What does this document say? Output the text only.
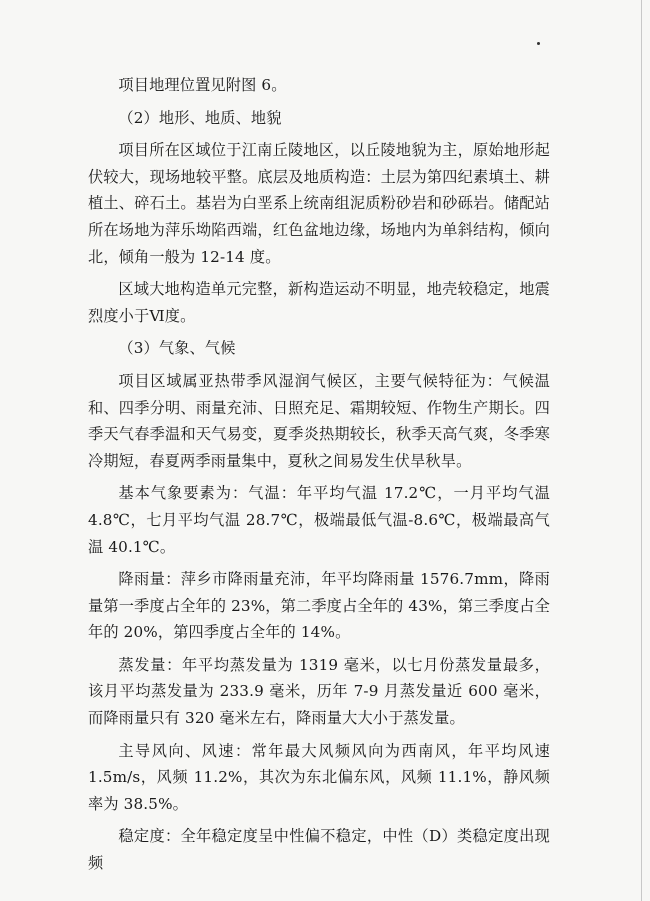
项目地理位置见附图 6。

（2）地形、地质、地貌

项目所在区域位于江南丘陵地区，以丘陵地貌为主，原始地形起伏较大，现场地较平整。底层及地质构造：土层为第四纪素填土、耕植土、碎石土。基岩为白垩系上统南组泥质粉砂岩和砂砾岩。储配站所在场地为萍乐坳陷西端，红色盆地边缘，场地内为单斜结构，倾向北，倾角一般为 12-14 度。

区域大地构造单元完整，新构造运动不明显，地壳较稳定，地震烈度小于Ⅵ度。

（3）气象、气候

项目区域属亚热带季风湿润气候区，主要气候特征为：气候温和、四季分明、雨量充沛、日照充足、霜期较短、作物生产期长。四季天气春季温和天气易变，夏季炎热期较长，秋季天高气爽，冬季寒冷期短，春夏两季雨量集中，夏秋之间易发生伏旱秋旱。

基本气象要素为：气温：年平均气温 17.2℃，一月平均气温 4.8℃，七月平均气温 28.7℃，极端最低气温-8.6℃，极端最高气温 40.1℃。

降雨量：萍乡市降雨量充沛，年平均降雨量 1576.7mm，降雨量第一季度占全年的 23%，第二季度占全年的 43%，第三季度占全年的 20%，第四季度占全年的 14%。

蒸发量：年平均蒸发量为 1319 毫米，以七月份蒸发量最多，该月平均蒸发量为 233.9 毫米，历年 7-9 月蒸发量近 600 毫米，而降雨量只有 320 毫米左右，降雨量大大小于蒸发量。

主导风向、风速：常年最大风频风向为西南风，年平均风速 1.5m/s，风频 11.2%，其次为东北偏东风，风频 11.1%，静风频率为 38.5%。

稳定度：全年稳定度呈中性偏不稳定，中性（D）类稳定度出现频
